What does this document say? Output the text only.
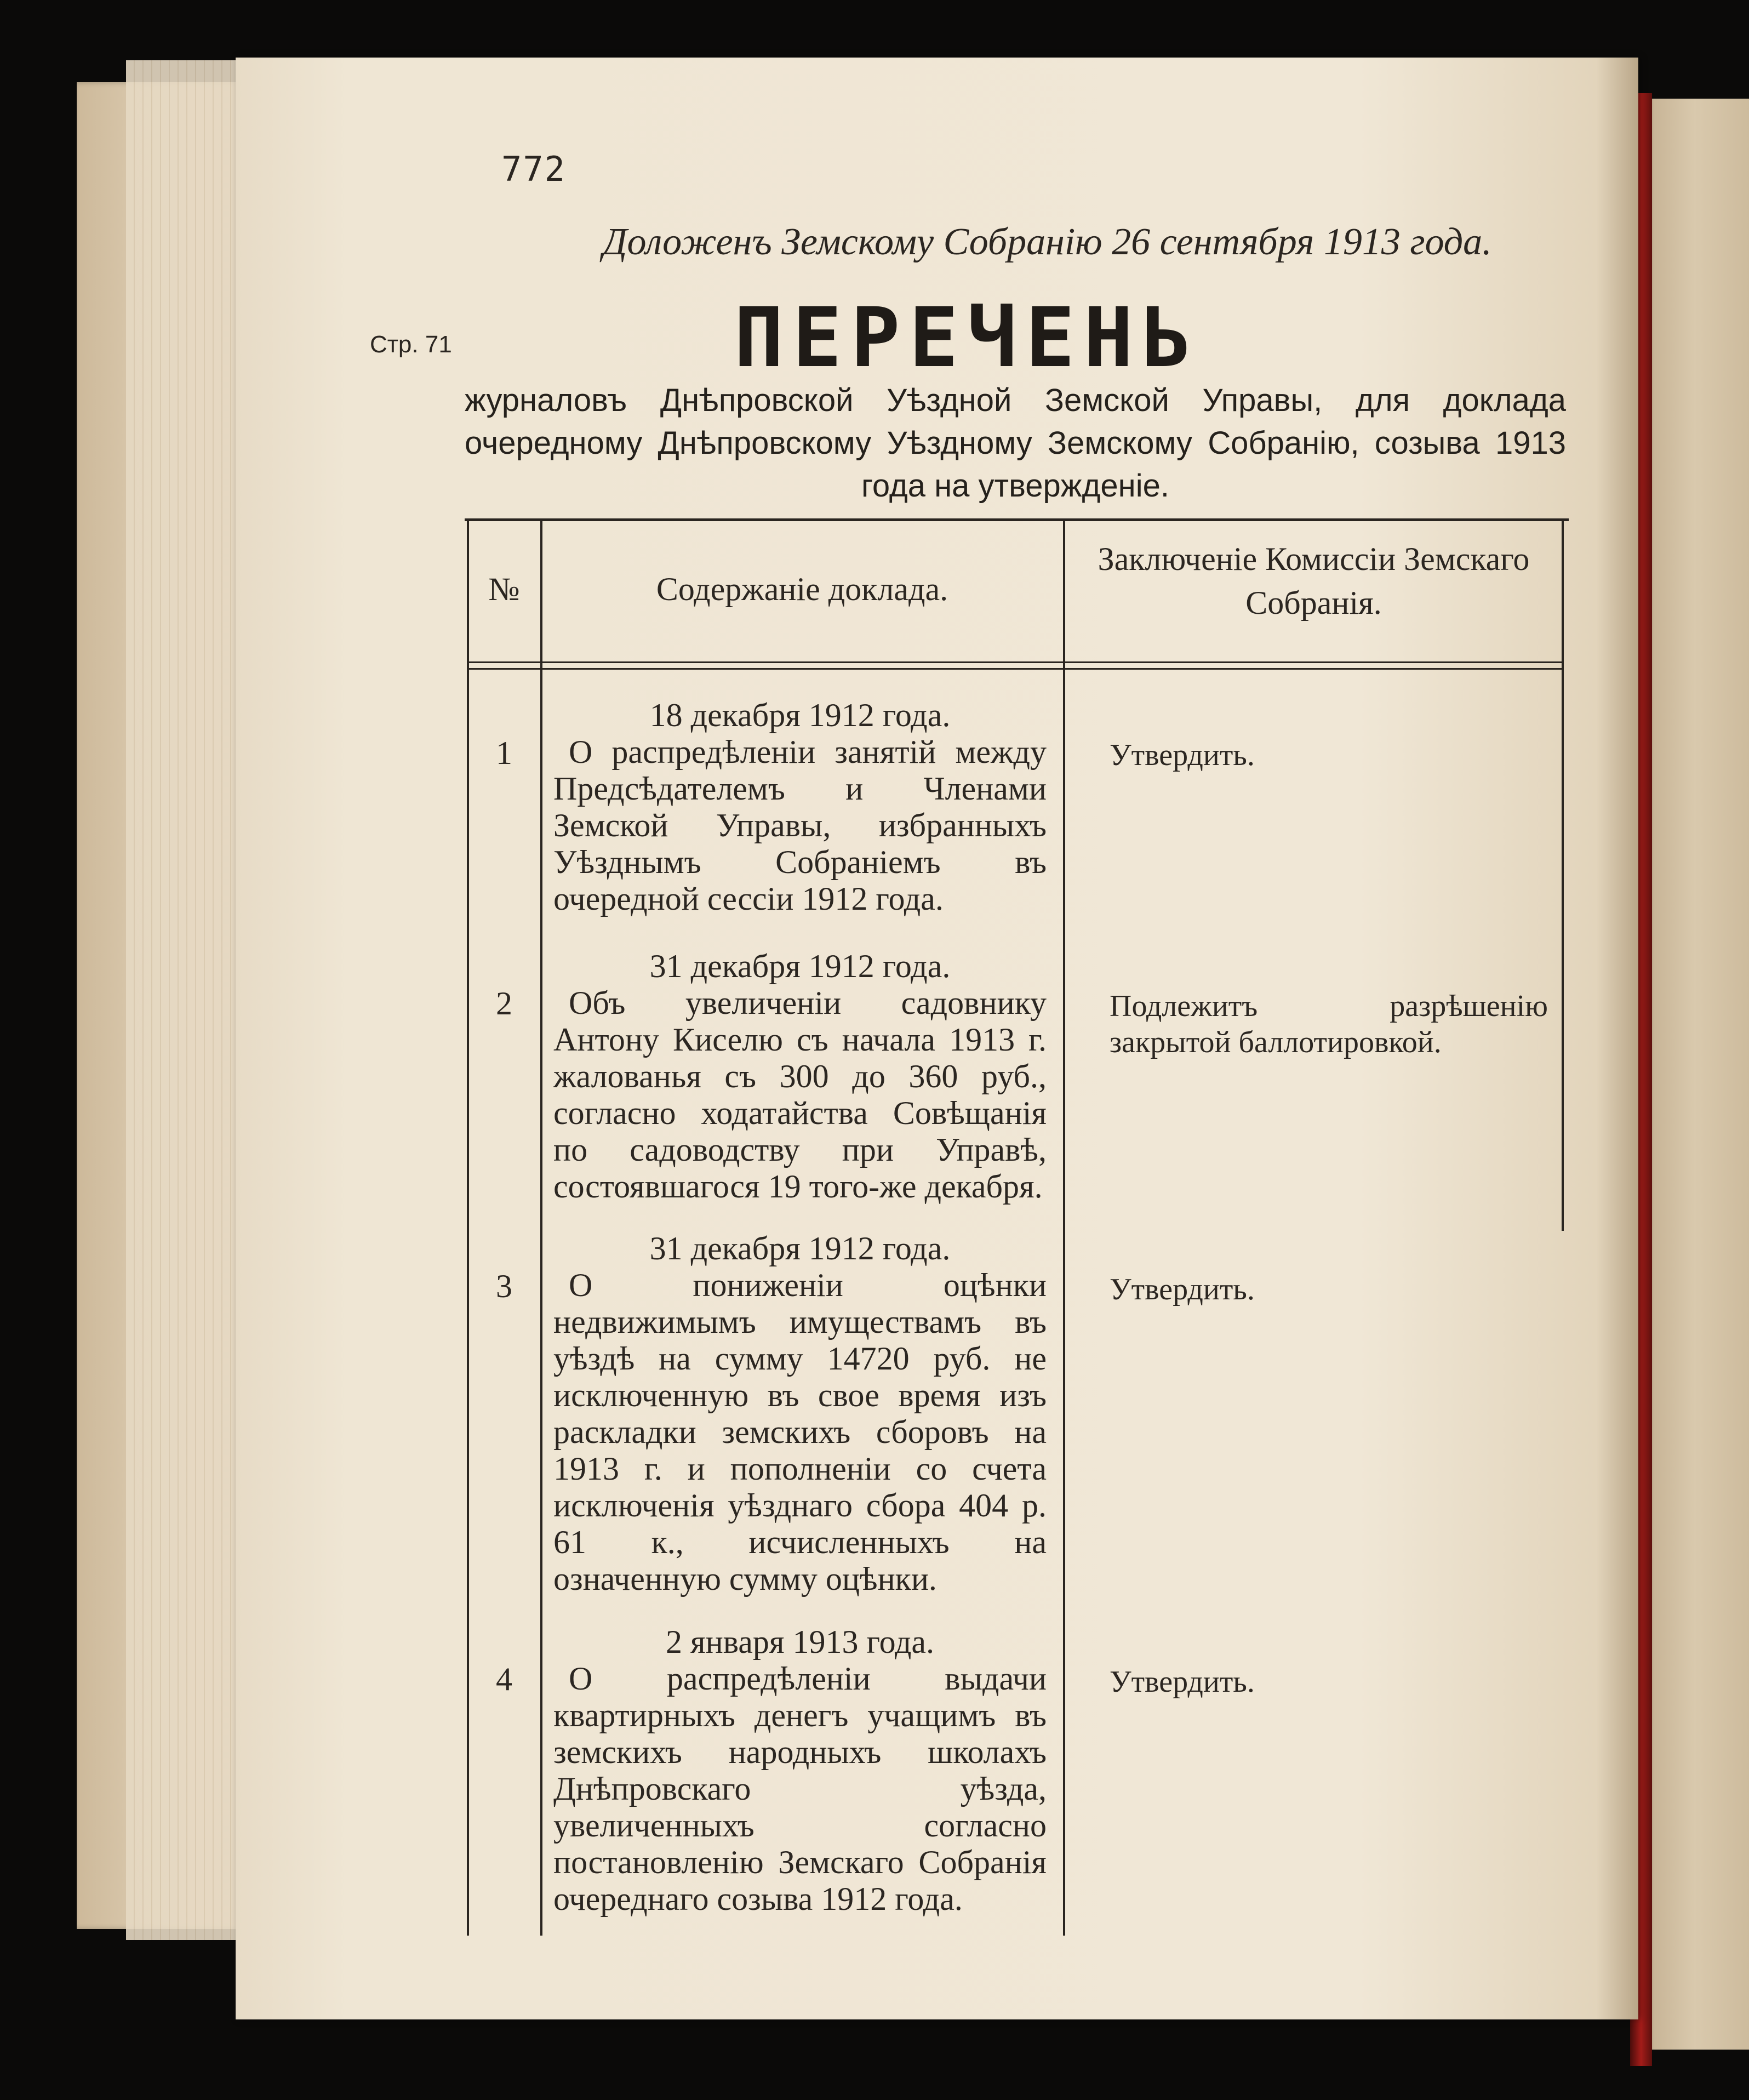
772

Доложенъ Земскому Собранію 26 сентября 1913 года.

Стр. 71	ПЕРЕЧЕНЬ

журналовъ Днѣпровской Уѣздной Земской Управы, для доклада очередному Днѣпровскому Уѣздному Земскому Собранію, созыва 1913 года на утвержденіе.

№	Содержаніе доклада.
Заключеніе Комиссіи Земскаго Собранія.
1
18 декабря 1912 года.
О распредѣленіи занятій между Предсѣдателемъ и Членами Земской Управы, избранныхъ Уѣзднымъ Собраніемъ въ очередной сессіи 1912 года.
Утвердить.
2
31 декабря 1912 года.
Объ увеличеніи садовнику Антону Киселю съ начала 1913 г. жалованья съ 300 до 360 руб., согласно ходатайства Совѣщанія по садоводству при Управѣ, состоявшагося 19 того-же декабря.
Подлежитъ разрѣшенію закрытой баллотировкой.
3
31 декабря 1912 года.
О пониженіи оцѣнки недвижимымъ имуществамъ въ уѣздѣ на сумму 14720 руб. не исключенную въ свое время изъ раскладки земскихъ сборовъ на 1913 г. и пополненіи со счета исключенія уѣзднаго сбора 404 р. 61 к., исчисленныхъ на означенную сумму оцѣнки.
Утвердить.
4
2 января 1913 года.
О распредѣленіи выдачи квартирныхъ денегъ учащимъ въ земскихъ народныхъ школахъ Днѣпровскаго уѣзда, увеличенныхъ согласно постановленію Земскаго Собранія очереднаго созыва 1912 года.
Утвердить.
